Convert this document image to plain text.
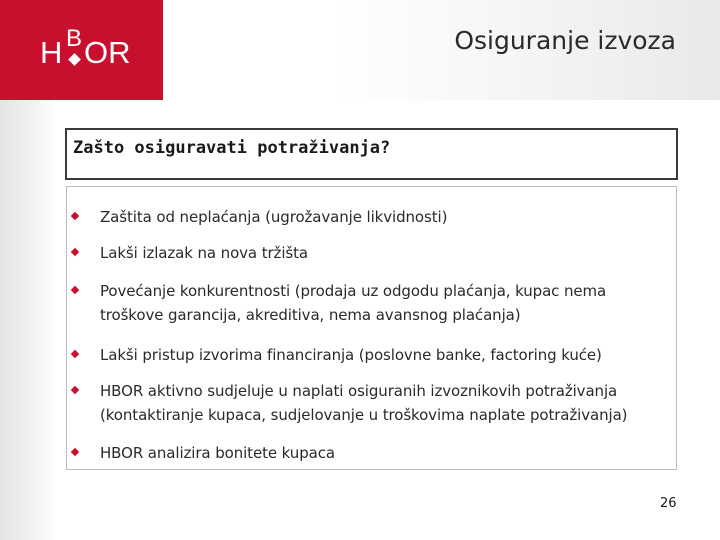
H B OR	Osiguranje izvoza
Zašto osiguravati potraživanja?
Zaštita od neplaćanja (ugrožavanje likvidnosti)
Lakši izlazak na nova tržišta
Povećanje konkurentnosti (prodaja uz odgodu plaćanja, kupac nema troškove garancija, akreditiva, nema avansnog plaćanja)
Lakši pristup izvorima financiranja (poslovne banke, factoring kuće)
HBOR aktivno sudjeluje u naplati osiguranih izvoznikovih potraživanja (kontaktiranje kupaca, sudjelovanje u troškovima naplate potraživanja)
HBOR analizira bonitete kupaca
26
